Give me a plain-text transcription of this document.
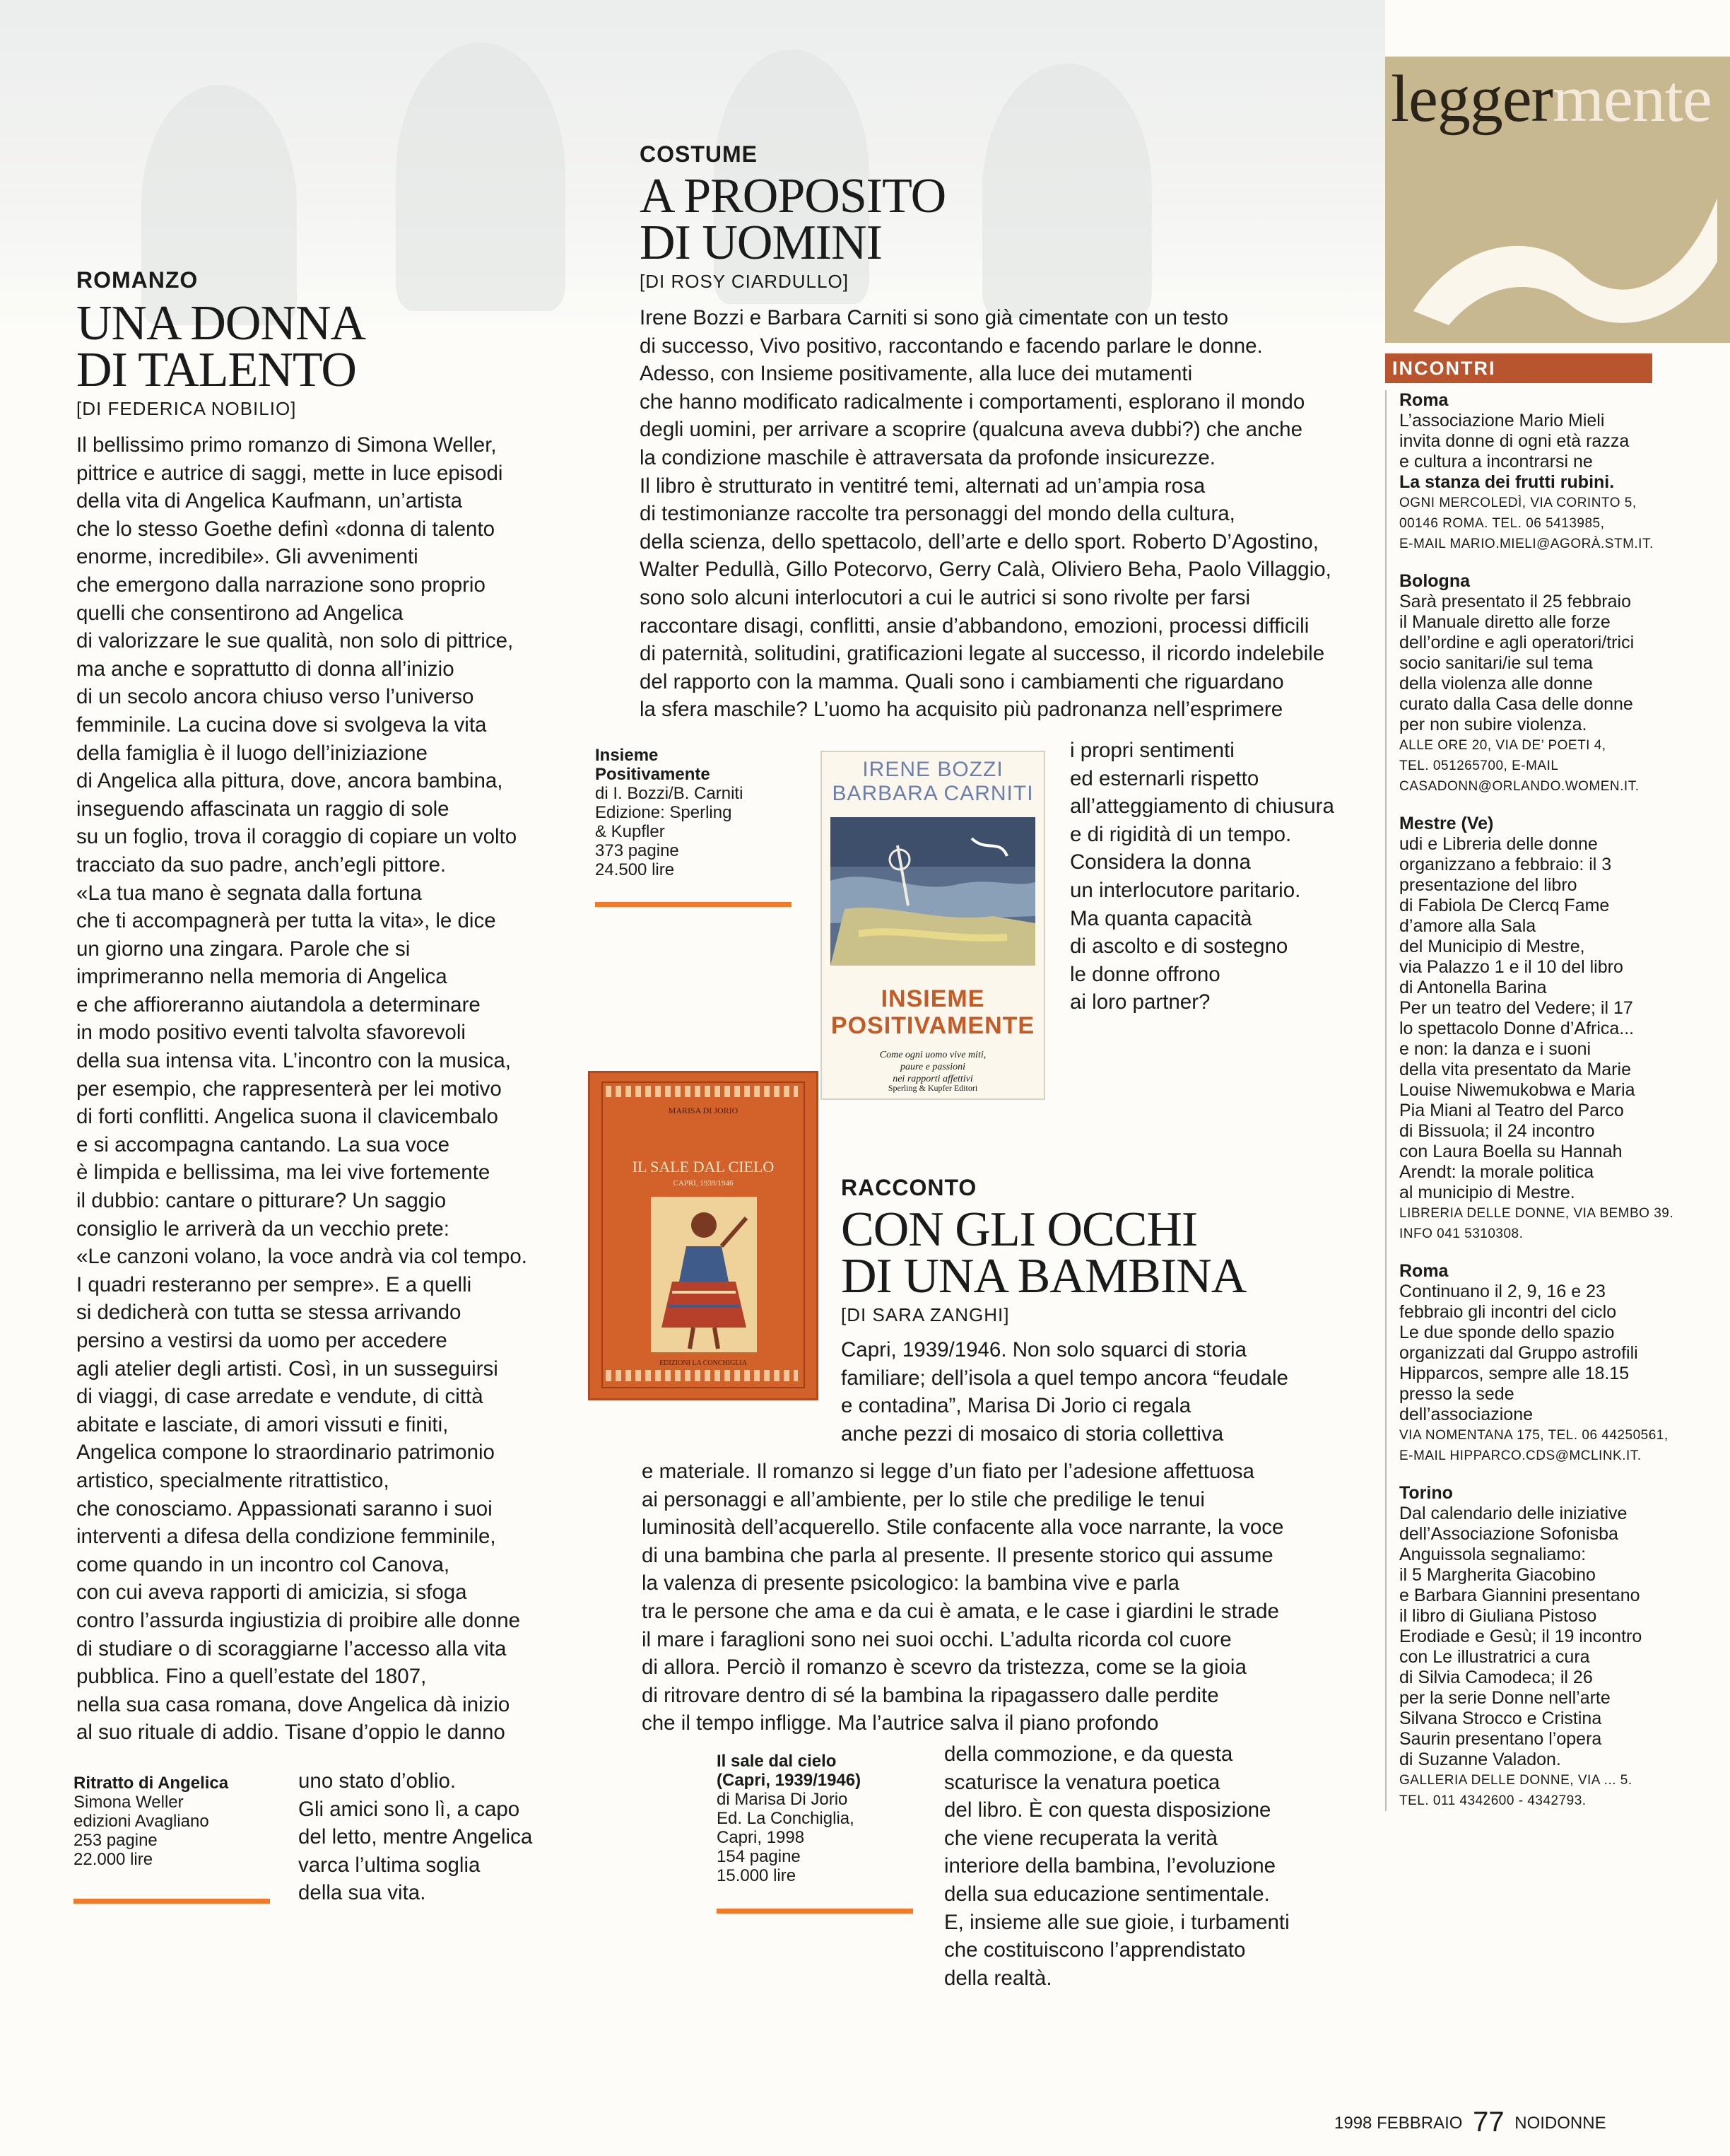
leggermente
ROMANZO
UNA DONNA
DI TALENTO
[DI FEDERICA NOBILIO]

Il bellissimo primo romanzo di Simona Weller,
pittrice e autrice di saggi, mette in luce episodi
della vita di Angelica Kaufmann, un’artista
che lo stesso Goethe definì «donna di talento
enorme, incredibile». Gli avvenimenti
che emergono dalla narrazione sono proprio
quelli che consentirono ad Angelica
di valorizzare le sue qualità, non solo di pittrice,
ma anche e soprattutto di donna all’inizio
di un secolo ancora chiuso verso l’universo
femminile. La cucina dove si svolgeva la vita
della famiglia è il luogo dell’iniziazione
di Angelica alla pittura, dove, ancora bambina,
inseguendo affascinata un raggio di sole
su un foglio, trova il coraggio di copiare un volto
tracciato da suo padre, anch’egli pittore.
«La tua mano è segnata dalla fortuna
che ti accompagnerà per tutta la vita», le dice
un giorno una zingara. Parole che si
imprimeranno nella memoria di Angelica
e che affioreranno aiutandola a determinare
in modo positivo eventi talvolta sfavorevoli
della sua intensa vita. L’incontro con la musica,
per esempio, che rappresenterà per lei motivo
di forti conflitti. Angelica suona il clavicembalo
e si accompagna cantando. La sua voce
è limpida e bellissima, ma lei vive fortemente
il dubbio: cantare o pitturare? Un saggio
consiglio le arriverà da un vecchio prete:
«Le canzoni volano, la voce andrà via col tempo.
I quadri resteranno per sempre». E a quelli
si dedicherà con tutta se stessa arrivando
persino a vestirsi da uomo per accedere
agli atelier degli artisti. Così, in un susseguirsi
di viaggi, di case arredate e vendute, di città
abitate e lasciate, di amori vissuti e finiti,
Angelica compone lo straordinario patrimonio
artistico, specialmente ritrattistico,
che conosciamo. Appassionati saranno i suoi
interventi a difesa della condizione femminile,
come quando in un incontro col Canova,
con cui aveva rapporti di amicizia, si sfoga
contro l’assurda ingiustizia di proibire alle donne
di studiare o di scoraggiarne l’accesso alla vita
pubblica. Fino a quell’estate del 1807,
nella sua casa romana, dove Angelica dà inizio
al suo rituale di addio. Tisane d’oppio le danno

Ritratto di Angelica
Simona Weller
edizioni Avagliano
253 pagine
22.000 lire

uno stato d’oblio.
Gli amici sono lì, a capo
del letto, mentre Angelica
varca l’ultima soglia
della sua vita.

COSTUME
A PROPOSITO
DI UOMINI
[DI ROSY CIARDULLO]

Irene Bozzi e Barbara Carniti si sono già cimentate con un testo
di successo, Vivo positivo, raccontando e facendo parlare le donne.
Adesso, con Insieme positivamente, alla luce dei mutamenti
che hanno modificato radicalmente i comportamenti, esplorano il mondo
degli uomini, per arrivare a scoprire (qualcuna aveva dubbi?) che anche
la condizione maschile è attraversata da profonde insicurezze.
Il libro è strutturato in ventitré temi, alternati ad un’ampia rosa
di testimonianze raccolte tra personaggi del mondo della cultura,
della scienza, dello spettacolo, dell’arte e dello sport. Roberto D’Agostino,
Walter Pedullà, Gillo Potecorvo, Gerry Calà, Oliviero Beha, Paolo Villaggio,
sono solo alcuni interlocutori a cui le autrici si sono rivolte per farsi
raccontare disagi, conflitti, ansie d’abbandono, emozioni, processi difficili
di paternità, solitudini, gratificazioni legate al successo, il ricordo indelebile
del rapporto con la mamma. Quali sono i cambiamenti che riguardano
la sfera maschile? L’uomo ha acquisito più padronanza nell’esprimere

Insieme
Positivamente
di I. Bozzi/B. Carniti
Edizione: Sperling
& Kupfler
373 pagine
24.500 lire
IRENE BOZZI
BARBARA CARNITI
INSIEME
POSITIVAMENTE
Come ogni uomo vive miti,
paure e passioni
nei rapporti affettivi
Sperling & Kupfer Editori

i propri sentimenti
ed esternarli rispetto
all’atteggiamento di chiusura
e di rigidità di un tempo.
Considera la donna
un interlocutore paritario.
Ma quanta capacità
di ascolto e di sostegno
le donne offrono
ai loro partner?

MARISA DI JORIO
IL SALE DAL CIELO
CAPRI, 1939/1946
EDIZIONI LA CONCHIGLIA
RACCONTO
CON GLI OCCHI
DI UNA BAMBINA
[DI SARA ZANGHI]

Capri, 1939/1946. Non solo squarci di storia
familiare; dell’isola a quel tempo ancora “feudale
e contadina”, Marisa Di Jorio ci regala
anche pezzi di mosaico di storia collettiva

e materiale. Il romanzo si legge d’un fiato per l’adesione affettuosa
ai personaggi e all’ambiente, per lo stile che predilige le tenui
luminosità dell’acquerello. Stile confacente alla voce narrante, la voce
di una bambina che parla al presente. Il presente storico qui assume
la valenza di presente psicologico: la bambina vive e parla
tra le persone che ama e da cui è amata, e le case i giardini le strade
il mare i faraglioni sono nei suoi occhi. L’adulta ricorda col cuore
di allora. Perciò il romanzo è scevro da tristezza, come se la gioia
di ritrovare dentro di sé la bambina la ripagassero dalle perdite
che il tempo infligge. Ma l’autrice salva il piano profondo

Il sale dal cielo
(Capri, 1939/1946)
di Marisa Di Jorio
Ed. La Conchiglia,
Capri, 1998
154 pagine
15.000 lire

della commozione, e da questa
scaturisce la venatura poetica
del libro. È con questa disposizione
che viene recuperata la verità
interiore della bambina, l’evoluzione
della sua educazione sentimentale.
E, insieme alle sue gioie, i turbamenti
che costituiscono l’apprendistato
della realtà.

INCONTRI
Roma
L’associazione Mario Mieli
invita donne di ogni età razza
e cultura a incontrarsi ne
La stanza dei frutti rubini.
OGNI MERCOLEDÌ, VIA CORINTO 5,
00146 ROMA. TEL. 06 5413985,
E-MAIL MARIO.MIELI@AGORÀ.STM.IT.
Bologna
Sarà presentato il 25 febbraio
il Manuale diretto alle forze
dell’ordine e agli operatori/trici
socio sanitari/ie sul tema
della violenza alle donne
curato dalla Casa delle donne
per non subire violenza.
ALLE ORE 20, VIA DE’ POETI 4,
TEL. 051265700, E-MAIL
CASADONN@ORLANDO.WOMEN.IT.
Mestre (Ve)
udi e Libreria delle donne
organizzano a febbraio: il 3
presentazione del libro
di Fabiola De Clercq Fame
d’amore alla Sala
del Municipio di Mestre,
via Palazzo 1 e il 10 del libro
di Antonella Barina
Per un teatro del Vedere; il 17
lo spettacolo Donne d’Africa...
e non: la danza e i suoni
della vita presentato da Marie
Louise Niwemukobwa e Maria
Pia Miani al Teatro del Parco
di Bissuola; il 24 incontro
con Laura Boella su Hannah
Arendt: la morale politica
al municipio di Mestre.
LIBRERIA DELLE DONNE, VIA BEMBO 39.
INFO 041 5310308.
Roma
Continuano il 2, 9, 16 e 23
febbraio gli incontri del ciclo
Le due sponde dello spazio
organizzati dal Gruppo astrofili
Hipparcos, sempre alle 18.15
presso la sede
dell’associazione
VIA NOMENTANA 175, TEL. 06 44250561,
E-MAIL HIPPARCO.CDS@MCLINK.IT.
Torino
Dal calendario delle iniziative
dell’Associazione Sofonisba
Anguissola segnaliamo:
il 5 Margherita Giacobino
e Barbara Giannini presentano
il libro di Giuliana Pistoso
Erodiade e Gesù; il 19 incontro
con Le illustratrici a cura
di Silvia Camodeca; il 26
per la serie Donne nell’arte
Silvana Strocco e Cristina
Saurin presentano l’opera
di Suzanne Valadon.
GALLERIA DELLE DONNE, VIA ... 5.
TEL. 011 4342600 - 4342793.
1998 FEBBRAIO 77 NOIDONNE
